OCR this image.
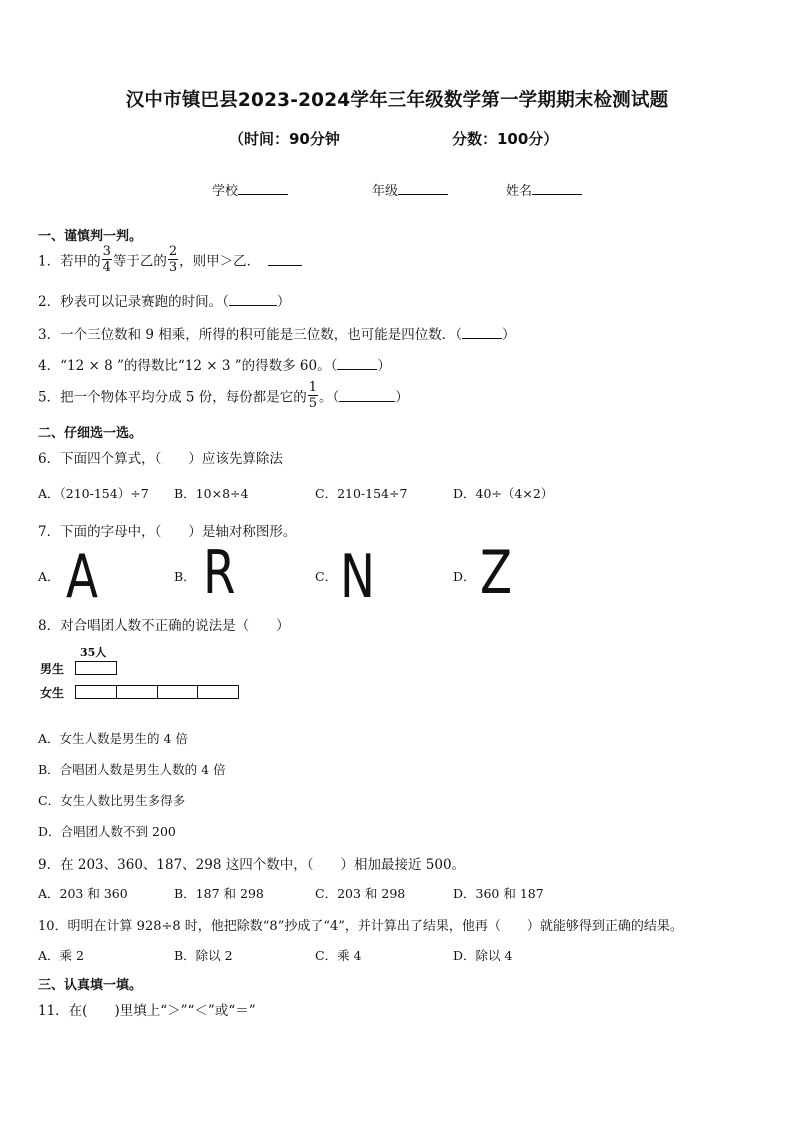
汉中市镇巴县2023-2024学年三年级数学第一学期期末检测试题
（时间：90分钟	分数：100分）
学校	年级	姓名
一、谨慎判一判。
1．若甲的 $\frac{3}{4}$ 等于乙的 $\frac{2}{3}$ ，则甲＞乙．
2．秒表可以记录赛跑的时间。（	）
3．一个三位数和 9 相乘，所得的积可能是三位数，也可能是四位数．（	）
4．“12 × 8 ”的得数比“12 × 3 ”的得数多 60。（	）
5．把一个物体平均分成 5 份，每份都是它的 $\frac{1}{5}$ 。（	）
二、仔细选一选。
6．下面四个算式，（　　）应该先算除法
A．（210-154）÷7 B．10×8÷4	C．210-154÷7	D．40÷（4×2）
7．下面的字母中，（　　）是轴对称图形。
A． A	B． R	C． N	D． Z
8．对合唱团人数不正确的说法是（　　）
35人
男生
女生
A．女生人数是男生的 4 倍
B．合唱团人数是男生人数的 4 倍
C．女生人数比男生多得多
D．合唱团人数不到 200
9．在 203、360、187、298 这四个数中，（　　）相加最接近 500。
A．203 和 360	B．187 和 298	C．203 和 298	D．360 和 187
10．明明在计算 928÷8 时，他把除数“8”抄成了“4”，并计算出了结果，他再（　　）就能够得到正确的结果。
A．乘 2	B．除以 2	C．乘 4	D．除以 4
三、认真填一填。
11．在(　　)里填上“＞”“＜”或“＝”
